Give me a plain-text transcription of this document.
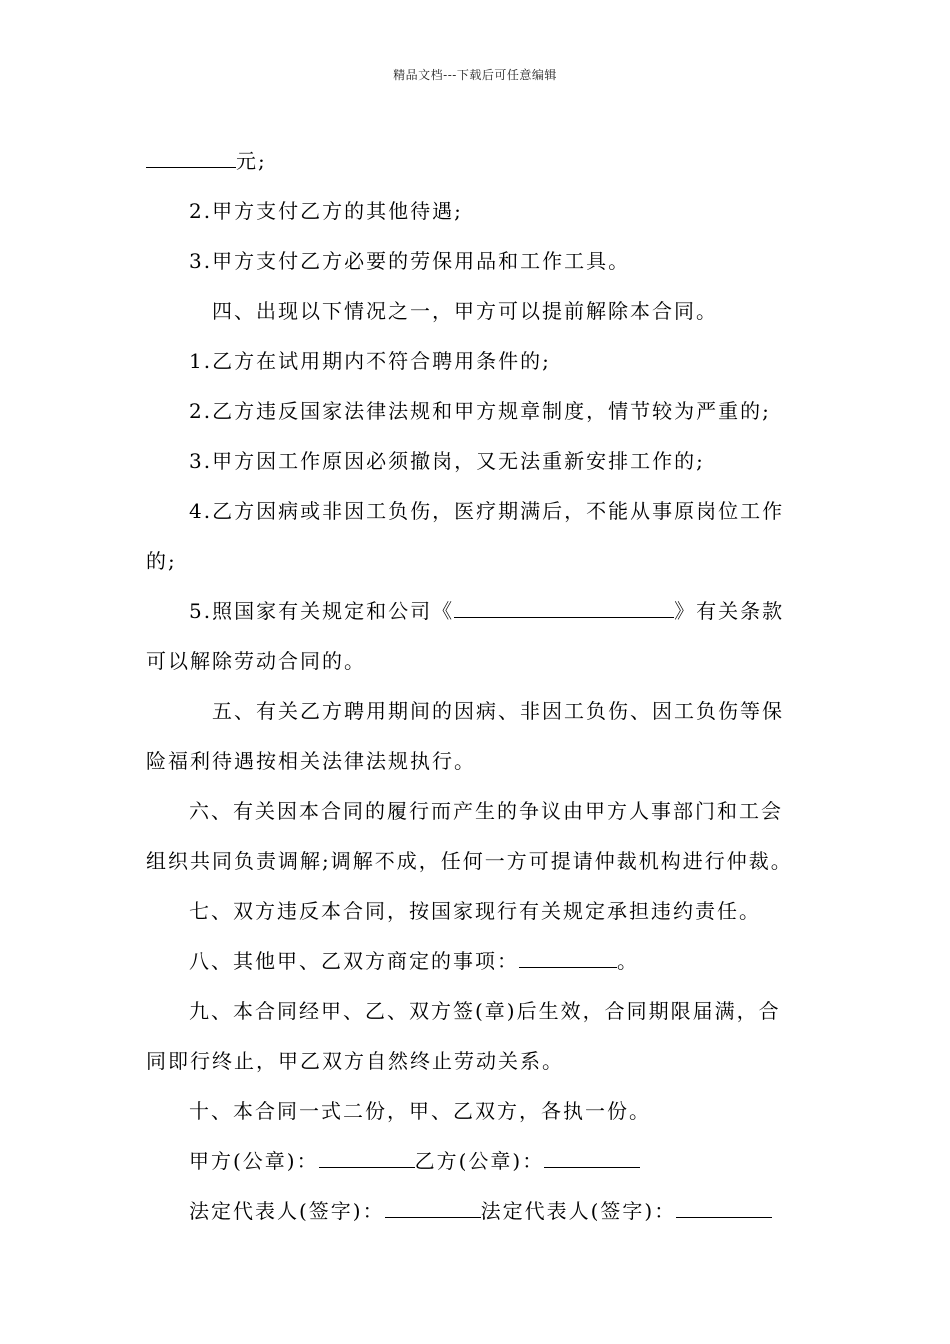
精品文档---下载后可任意编辑

元;

2.甲方支付乙方的其他待遇;

3.甲方支付乙方必要的劳保用品和工作工具。

四、出现以下情况之一，甲方可以提前解除本合同。

1.乙方在试用期内不符合聘用条件的;

2.乙方违反国家法律法规和甲方规章制度，情节较为严重的;

3.甲方因工作原因必须撤岗，又无法重新安排工作的;

4.乙方因病或非因工负伤，医疗期满后，不能从事原岗位工作

的;

5.照国家有关规定和公司《	》有关条款

可以解除劳动合同的。

五、有关乙方聘用期间的因病、非因工负伤、因工负伤等保

险福利待遇按相关法律法规执行。

六、有关因本合同的履行而产生的争议由甲方人事部门和工会

组织共同负责调解;调解不成，任何一方可提请仲裁机构进行仲裁。

七、双方违反本合同，按国家现行有关规定承担违约责任。

八、其他甲、乙双方商定的事项：	。

九、本合同经甲、乙、双方签(章)后生效，合同期限届满，合

同即行终止，甲乙双方自然终止劳动关系。

十、本合同一式二份，甲、乙双方，各执一份。

甲方(公章)：	乙方(公章)：

法定代表人(签字)：	法定代表人(签字)：
